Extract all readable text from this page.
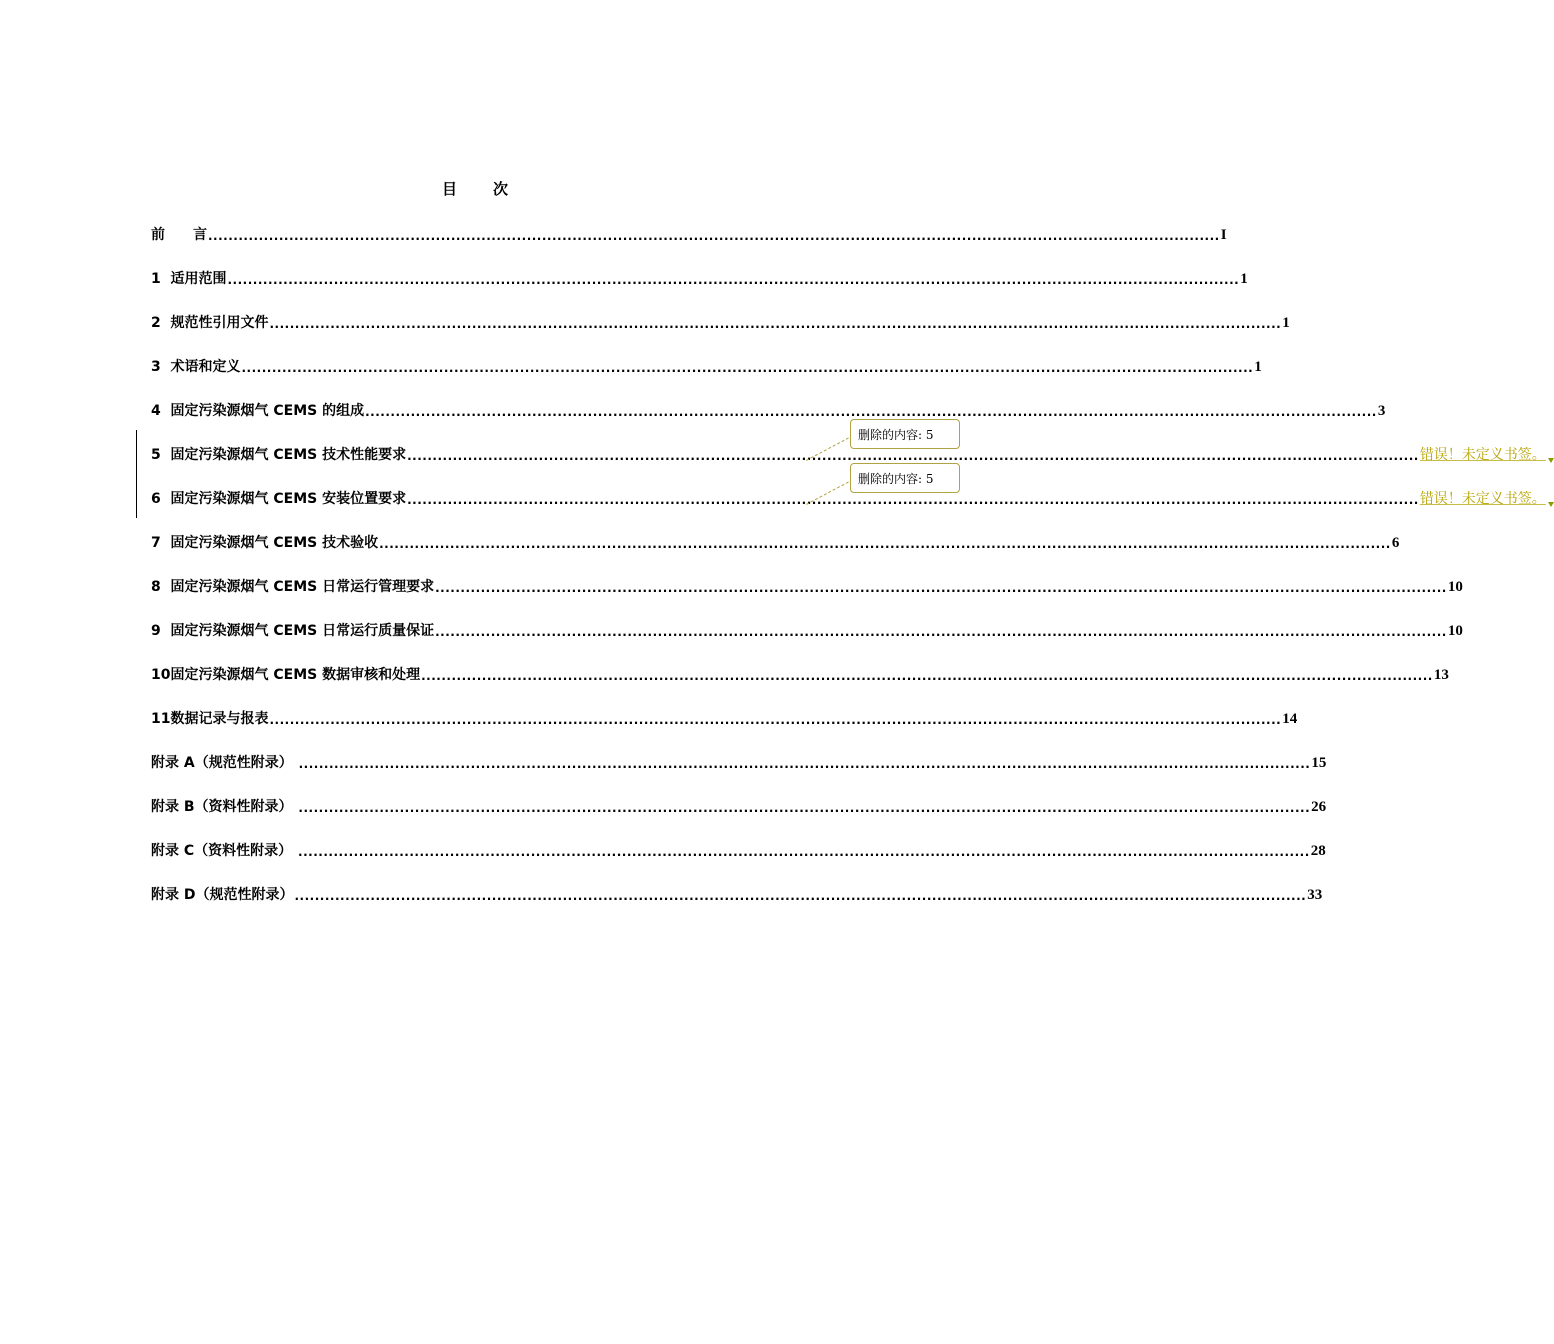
目 次
前　　言 ........................................................................................................................................................................................................ I
1  适用范围 ........................................................................................................................................................................................................ 1
2  规范性引用文件 ........................................................................................................................................................................................................ 1
3  术语和定义 ........................................................................................................................................................................................................ 1
4  固定污染源烟气 CEMS 的组成 ........................................................................................................................................................................................................ 3
5  固定污染源烟气 CEMS 技术性能要求 ........................................................................................................................................................................................................ 错误！未定义书签。
6  固定污染源烟气 CEMS 安装位置要求 ........................................................................................................................................................................................................ 错误！未定义书签。
7  固定污染源烟气 CEMS 技术验收 ........................................................................................................................................................................................................ 6
8  固定污染源烟气 CEMS 日常运行管理要求 ........................................................................................................................................................................................................ 10
9  固定污染源烟气 CEMS 日常运行质量保证 ........................................................................................................................................................................................................ 10
10固定污染源烟气 CEMS 数据审核和处理 ........................................................................................................................................................................................................ 13
11数据记录与报表 ........................................................................................................................................................................................................ 14
附录 A（规范性附录） ........................................................................................................................................................................................................ 15
附录 B（资料性附录） ........................................................................................................................................................................................................ 26
附录 C（资料性附录） ........................................................................................................................................................................................................ 28
附录 D（规范性附录） ........................................................................................................................................................................................................ 33
删除的内容: 5
删除的内容: 5
